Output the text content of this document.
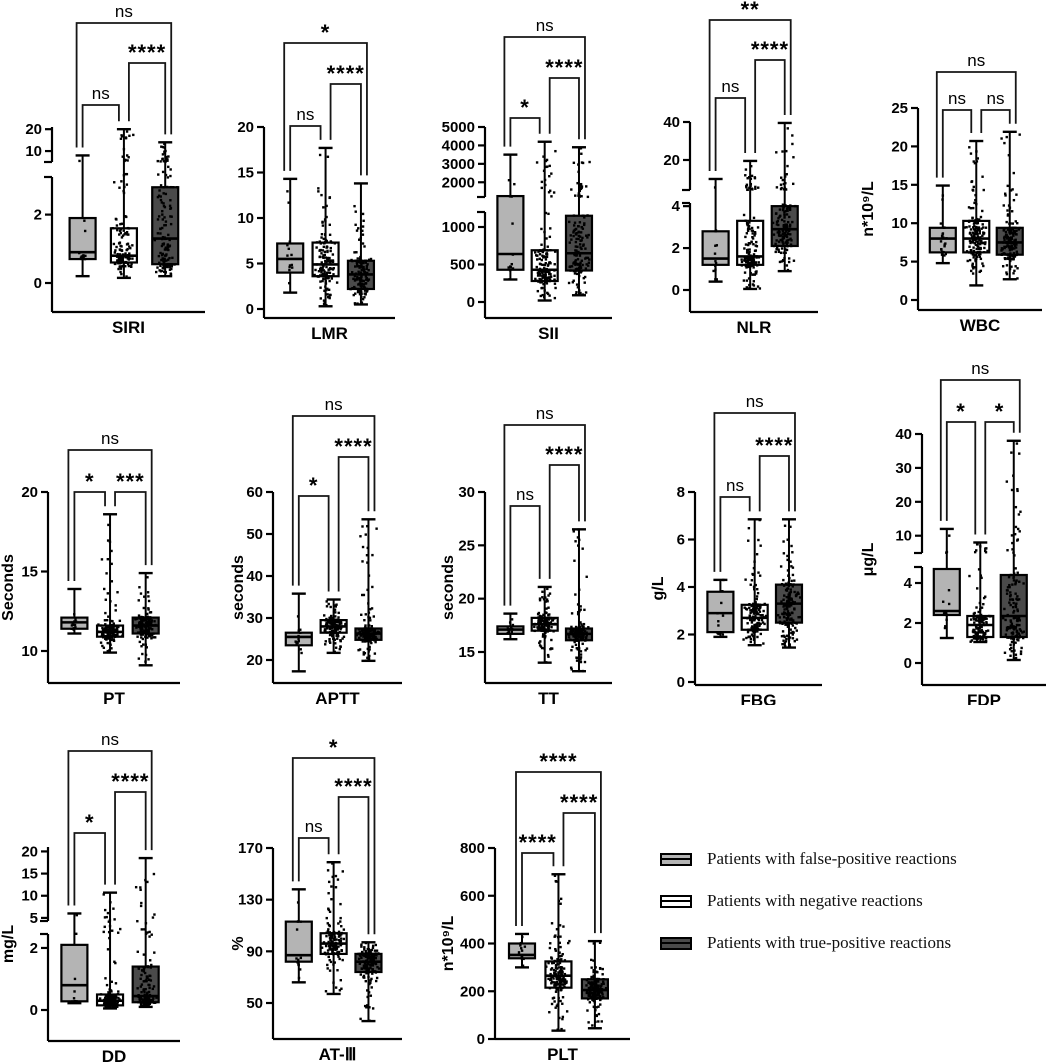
Patients with false-positive reactions
Patients with negative reactions
Patients with true-positive reactions
0
2
10
20
ns
****
ns
SIRI
0
5
10
15
20
ns
****
*
LMR
0
500
1000
2000
3000
4000
5000
*
****
ns
SII
0
2
4
20
40
ns
****
**
NLR
0
5
10
15
20
25
ns ns
ns
WBC
n*10⁹/L
10
15
20 * ***
ns
PT
Seconds
20
30
40
50
60 *
****
ns
APTT
seconds
15
20
25
30 ns
****
ns
TT
seconds
0
2
4
6
8 ns
****
ns
FBG
g/L
0
2
4
10
20
30
40
* *
ns
FDP
μg/L
0
2
5
10
15
20
*
****
ns
DD
mg/L
50
90
130
170
ns
****
*
AT-Ⅲ
%
0
200
400
600
800 ****
****
****
PLT
n*10⁹/L
